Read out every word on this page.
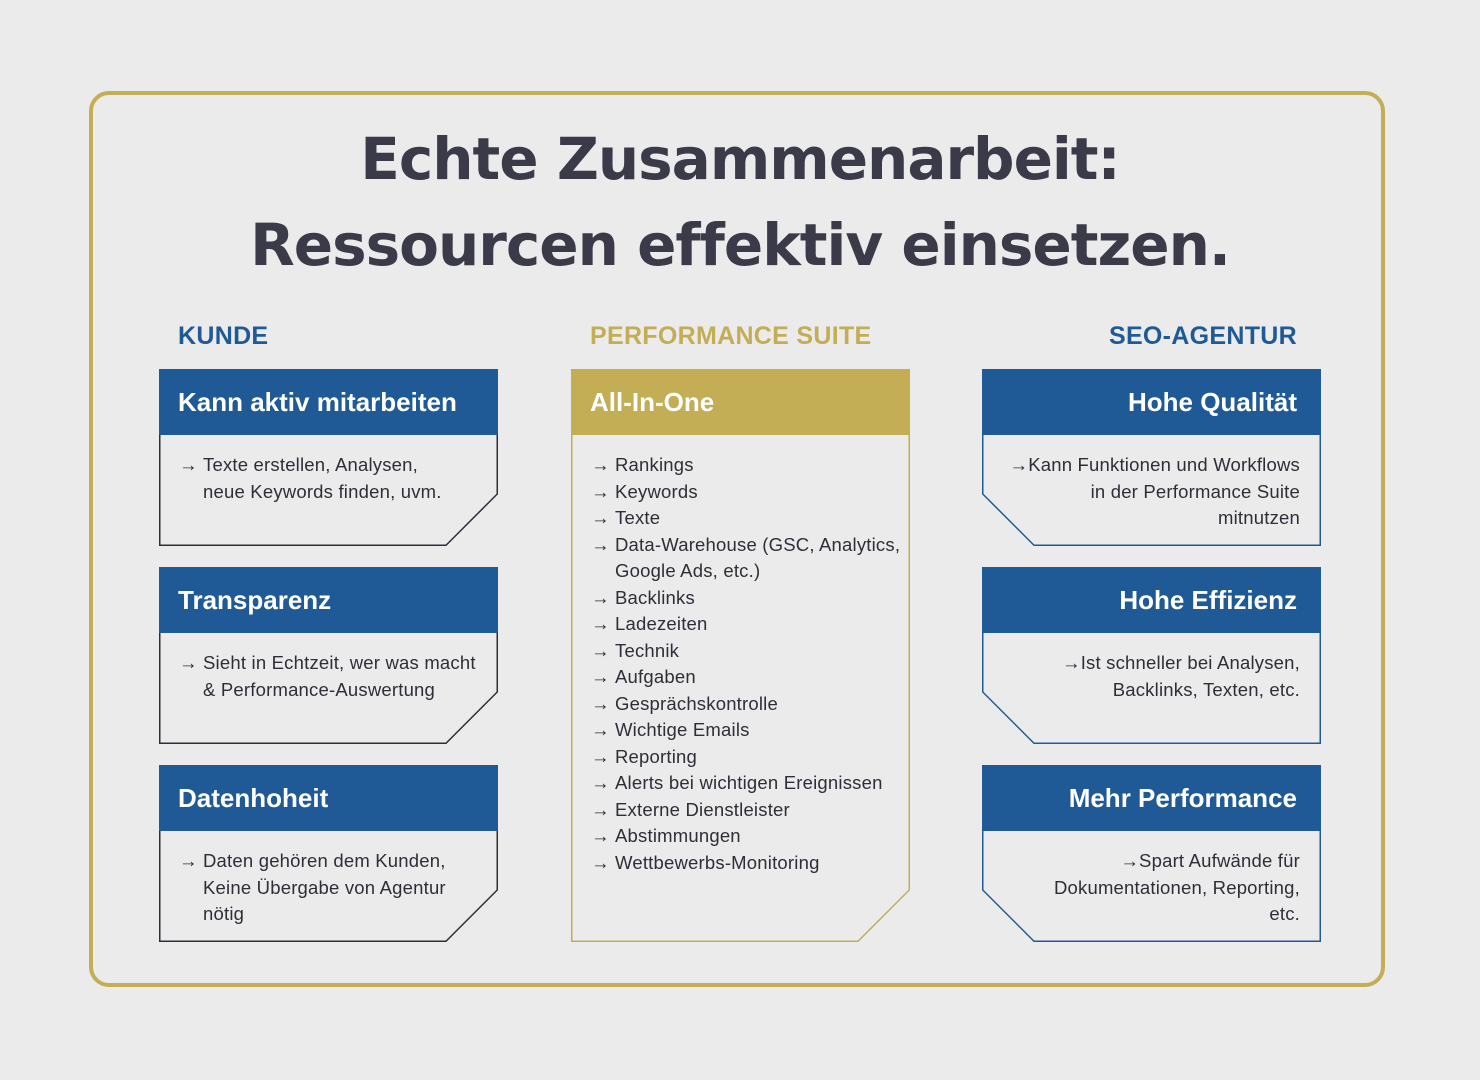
Echte Zusammenarbeit:
Ressourcen effektiv einsetzen.
KUNDE	PERFORMANCE SUITE	SEO-AGENTUR
Kann aktiv mitarbeiten
→ Texte erstellen, Analysen,
neue Keywords finden, uvm.
Transparenz
→ Sieht in Echtzeit, wer was macht
& Performance-Auswertung
Datenhoheit
→ Daten gehören dem Kunden,
Keine Übergabe von Agentur
nötig
All-In-One
→ Rankings
→ Keywords
→ Texte
→ Data-Warehouse (GSC, Analytics,
Google Ads, etc.)
→ Backlinks
→ Ladezeiten
→ Technik
→ Aufgaben
→ Gesprächskontrolle
→ Wichtige Emails
→ Reporting
→ Alerts bei wichtigen Ereignissen
→ Externe Dienstleister
→ Abstimmungen
→ Wettbewerbs-Monitoring
Hohe Qualität
→Kann Funktionen und Workflows
in der Performance Suite
mitnutzen
Hohe Effizienz
→Ist schneller bei Analysen,
Backlinks, Texten, etc.
Mehr Performance
→Spart Aufwände für
Dokumentationen, Reporting,
etc.
